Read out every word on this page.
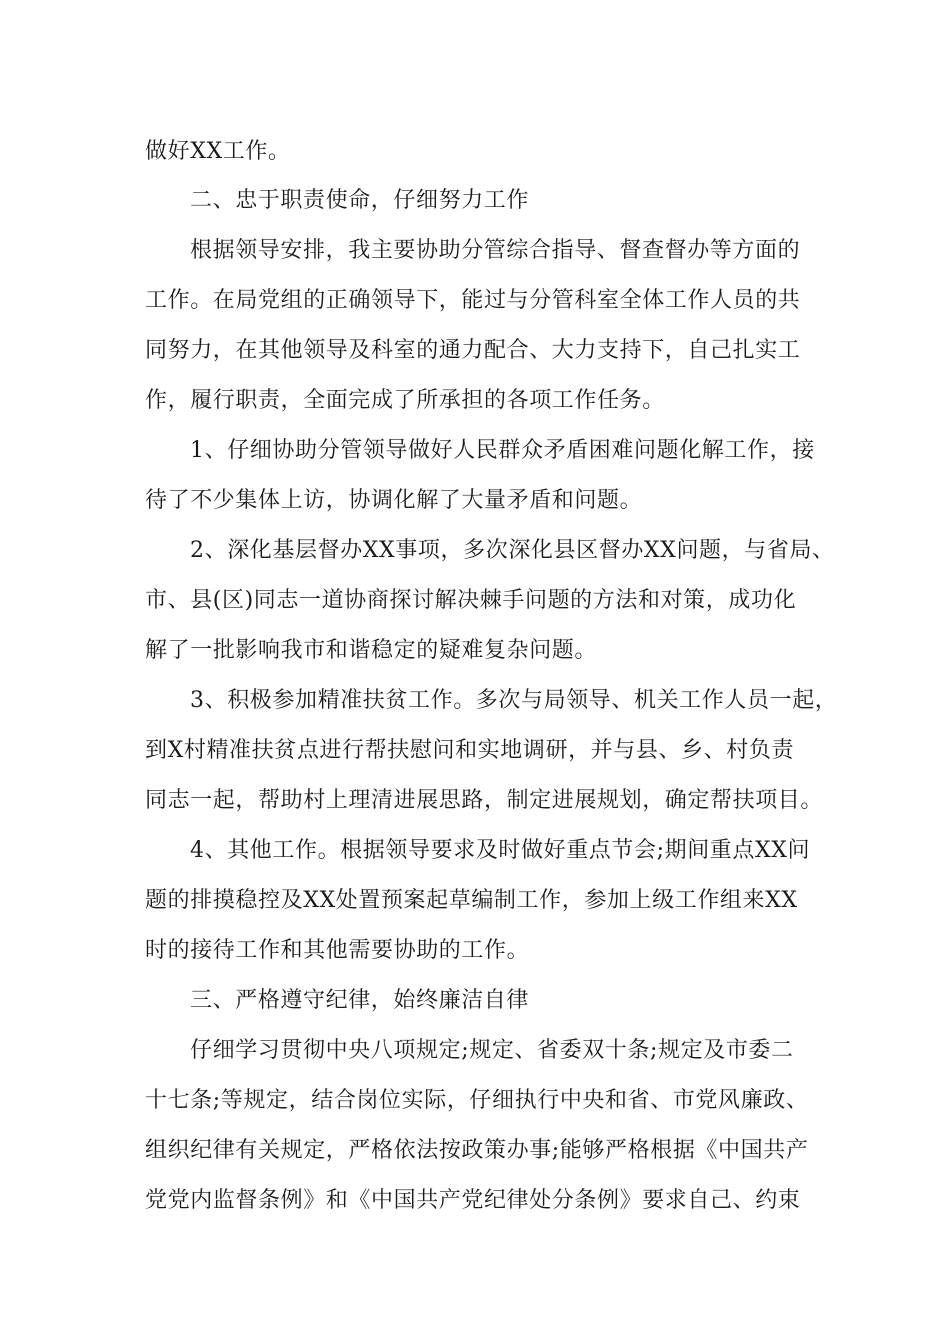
做好XX工作。
二、忠于职责使命，仔细努力工作
根据领导安排，我主要协助分管综合指导、督查督办等方面的
工作。在局党组的正确领导下，能过与分管科室全体工作人员的共
同努力，在其他领导及科室的通力配合、大力支持下，自己扎实工
作，履行职责，全面完成了所承担的各项工作任务。
1、仔细协助分管领导做好人民群众矛盾困难问题化解工作，接
待了不少集体上访，协调化解了大量矛盾和问题。
2、深化基层督办XX事项，多次深化县区督办XX问题，与省局、
市、县(区)同志一道协商探讨解决棘手问题的方法和对策，成功化
解了一批影响我市和谐稳定的疑难复杂问题。
3、积极参加精准扶贫工作。多次与局领导、机关工作人员一起，
到X村精准扶贫点进行帮扶慰问和实地调研，并与县、乡、村负责
同志一起，帮助村上理清进展思路，制定进展规划，确定帮扶项目。
4、其他工作。根据领导要求及时做好重点节会;期间重点XX问
题的排摸稳控及XX处置预案起草编制工作，参加上级工作组来XX
时的接待工作和其他需要协助的工作。
三、严格遵守纪律，始终廉洁自律
仔细学习贯彻中央八项规定;规定、省委双十条;规定及市委二
十七条;等规定，结合岗位实际，仔细执行中央和省、市党风廉政、
组织纪律有关规定，严格依法按政策办事;能够严格根据《中国共产
党党内监督条例》和《中国共产党纪律处分条例》要求自己、约束
